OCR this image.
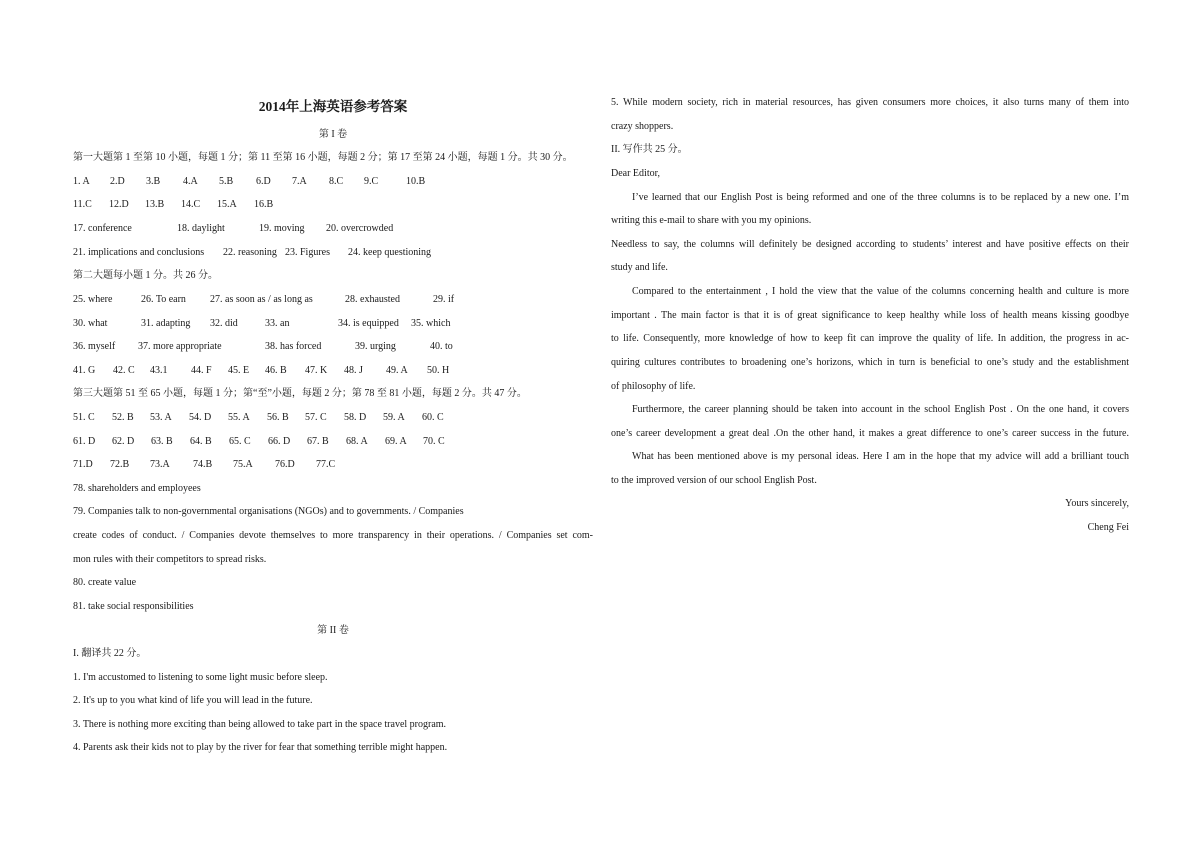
2014年上海英语参考答案
第 I 卷
第一大题第 1 至第 10 小题，每题 1 分；第 11 至第 16 小题，每题 2 分；第 17 至第 24 小题，每题 1 分。共 30 分。
1. A 2.D 3.B 4.A 5.B 6.D 7.A 8.C 9.C	10.B
11.C 12.D 13.B 14.C 15.A 16.B
17. conference	18. daylight	19. moving 20. overcrowded
21. implications and conclusions 22. reasoning 23. Figures 24. keep questioning
第二大题每小题 1 分。共 26 分。
25. where	26. To earn 27. as soon as / as long as	28. exhausted	29. if
30. what	31. adapting 32. did	33. an	34. is equipped 35. which
36. myself 37. more appropriate	38. has forced	39. urging	40. to
41. G 42. C 43.1 44. F 45. E 46. B 47. K 48. J 49. A 50. H
第三大题第 51 至 65 小题，每题 1 分；第“至”小题，每题 2 分；第 78 至 81 小题，每题 2 分。共 47 分。
51. C 52. B 53. A 54. D 55. A 56. B 57. C 58. D 59. A 60. C
61. D 62. D 63. B 64. B 65. C 66. D 67. B 68. A 69. A 70. C
71.D 72.B 73.A 74.B 75.A 76.D 77.C
78. shareholders and employees
79. Companies talk to non-governmental organisations (NGOs) and to governments. / Companies
create codes of conduct. / Companies devote themselves to more transparency in their operations. / Companies set com-
mon rules with their competitors to spread risks.
80. create value
81. take social responsibilities
第 II 卷
I. 翻译共 22 分。
1. I'm accustomed to listening to some light music before sleep.
2. It's up to you what kind of life you will lead in the future.
3. There is nothing more exciting than being allowed to take part in the space travel program.
4. Parents ask their kids not to play by the river for fear that something terrible might happen.
5. While modern society, rich in material resources, has given consumers more choices, it also turns many of them into
crazy shoppers.
II. 写作共 25 分。
Dear Editor,
I’ve learned that our English Post is being reformed and one of the three columns is to be replaced by a new one. I’m
writing this e-mail to share with you my opinions.
Needless to say, the columns will definitely be designed according to students’ interest and have positive effects on their
study and life.
Compared to the entertainment , I hold the view that the value of the columns concerning health and culture is more
important . The main factor is that it is of great significance to keep healthy while loss of health means kissing goodbye
to life. Consequently, more knowledge of how to keep fit can improve the quality of life. In addition, the progress in ac-
quiring cultures contributes to broadening one’s horizons, which in turn is beneficial to one’s study and the establishment
of philosophy of life.
Furthermore, the career planning should be taken into account in the school English Post . On the one hand, it covers
one’s career development a great deal .On the other hand, it makes a great difference to one’s career success in the future.
What has been mentioned above is my personal ideas. Here I am in the hope that my advice will add a brilliant touch
to the improved version of our school English Post.
Yours sincerely,
Cheng Fei
